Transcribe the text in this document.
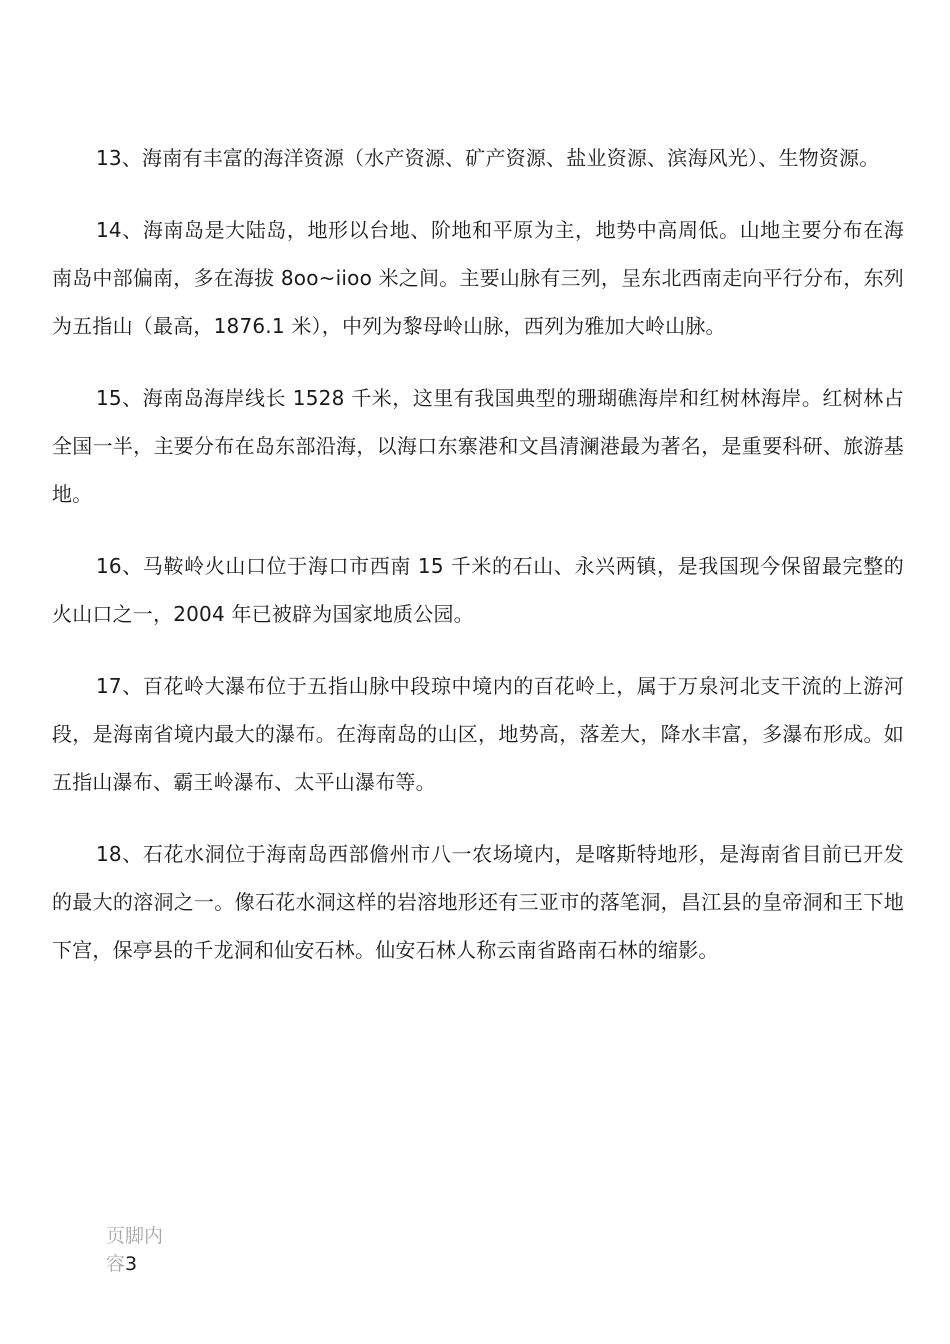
13、海南有丰富的海洋资源（水产资源、矿产资源、盐业资源、滨海风光）、生物资源。

14、海南岛是大陆岛，地形以台地、阶地和平原为主，地势中高周低。山地主要分布在海南岛中部偏南，多在海拔 8oo~iioo 米之间。主要山脉有三列，呈东北西南走向平行分布，东列为五指山（最高，1876.1 米），中列为黎母岭山脉，西列为雅加大岭山脉。

15、海南岛海岸线长 1528 千米，这里有我国典型的珊瑚礁海岸和红树林海岸。红树林占全国一半，主要分布在岛东部沿海，以海口东寨港和文昌清澜港最为著名，是重要科研、旅游基地。

16、马鞍岭火山口位于海口市西南 15 千米的石山、永兴两镇，是我国现今保留最完整的火山口之一，2004 年已被辟为国家地质公园。

17、百花岭大瀑布位于五指山脉中段琼中境内的百花岭上，属于万泉河北支干流的上游河段，是海南省境内最大的瀑布。在海南岛的山区，地势高，落差大，降水丰富，多瀑布形成。如五指山瀑布、霸王岭瀑布、太平山瀑布等。

18、石花水洞位于海南岛西部儋州市八一农场境内，是喀斯特地形，是海南省目前已开发的最大的溶洞之一。像石花水洞这样的岩溶地形还有三亚市的落笔洞，昌江县的皇帝洞和王下地下宫，保亭县的千龙洞和仙安石林。仙安石林人称云南省路南石林的缩影。

页脚内容3
